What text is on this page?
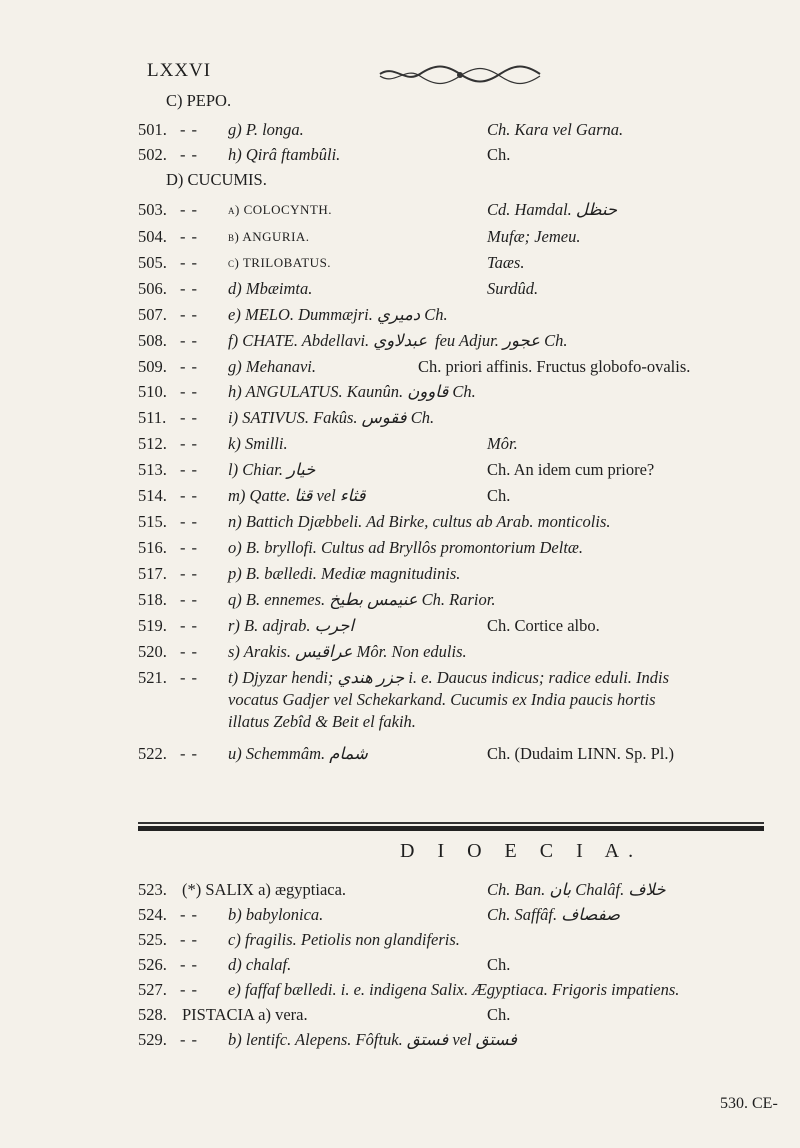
LXXVI
C) PEPO.
501. -- g) P. longa.	Ch. Kara vel Garna.
502. -- h) Qirâ ftambûli.	Ch.
D) CUCUMIS.
503. -- a) COLOCYNTH.	Cd. Hamdal. حنظل
504. -- b) ANGURIA.	Mufæ; Jemeu.
505. -- c) TRILOBATUS.	Taæs.
506. -- d) Mbæimta.	Surdûd.
507. -- e) MELO. Dummæjri. دميري Ch.
508. -- f) CHATE. Abdellavi. عبدلاوي feu Adjur. عجور Ch.
509. -- g) Mehanavi.	Ch. priori affinis. Fructus globofo-ovalis.
510. -- h) ANGULATUS. Kaunûn. قاوون Ch.
511. -- i) SATIVUS. Fakûs. فقوس Ch.
512. -- k) Smilli.	Môr.
513. -- l) Chiar. خيار	Ch. An idem cum priore?
514. -- m) Qatte. قثا vel قثاء	Ch.
515. -- n) Battich Djæbbeli. Ad Birke, cultus ab Arab. monticolis.
516. -- o) B. bryllofi. Cultus ad Bryllôs promontorium Deltæ.
517. -- p) B. bælledi. Mediæ magnitudinis.
518. -- q) B. ennemes. عنيمس بطيخ Ch. Rarior.
519. -- r) B. adjrab. اجرب	Ch. Cortice albo.
520. -- s) Arakis. عراقيس Môr. Non edulis.
521. -- t) Djyzar hendi; جزر هندي i. e. Daucus indicus; radice eduli. Indis
vocatus Gadjer vel Schekarkand. Cucumis ex India paucis hortis
illatus Zebîd & Beit el fakih.
522. -- u) Schemmâm. شمام	Ch. (Dudaim LINN. Sp. Pl.)
D I O E C I A.
523. (*) SALIX a) ægyptiaca.	Ch. Ban. بان Chalâf. خلاف
524. -- b) babylonica.	Ch. Saffâf. صفصاف
525. -- c) fragilis. Petiolis non glandiferis.
526. -- d) chalaf.	Ch.
527. -- e) faffaf bælledi. i. e. indigena Salix. Ægyptiaca. Frigoris impatiens.
528. PISTACIA a) vera.	Ch.
529. -- b) lentifc. Alepens. Fôftuk. فستق vel فستق
530. CE-
